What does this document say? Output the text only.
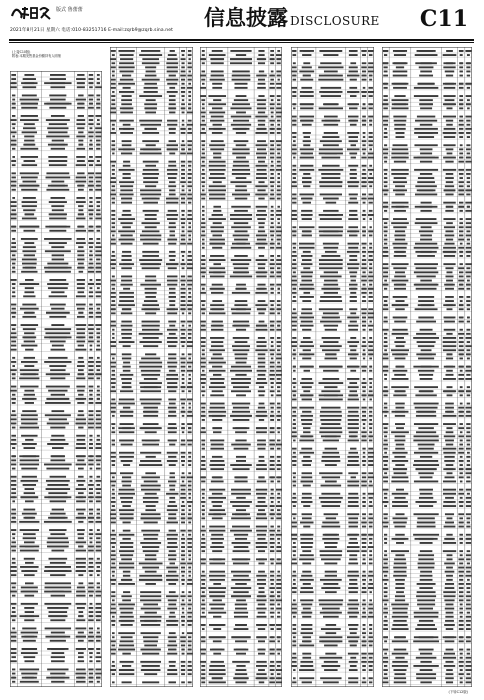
版式 鲁蕾蕾
2021年8月21日 星期六 电话:010-83251716 E-mail:zqrb9@zqrb.sina.net
信息披露 DISCLOSURE C11
(上接C10版)
附表:本期发售基金份额持有人明细
(下转C12版)
